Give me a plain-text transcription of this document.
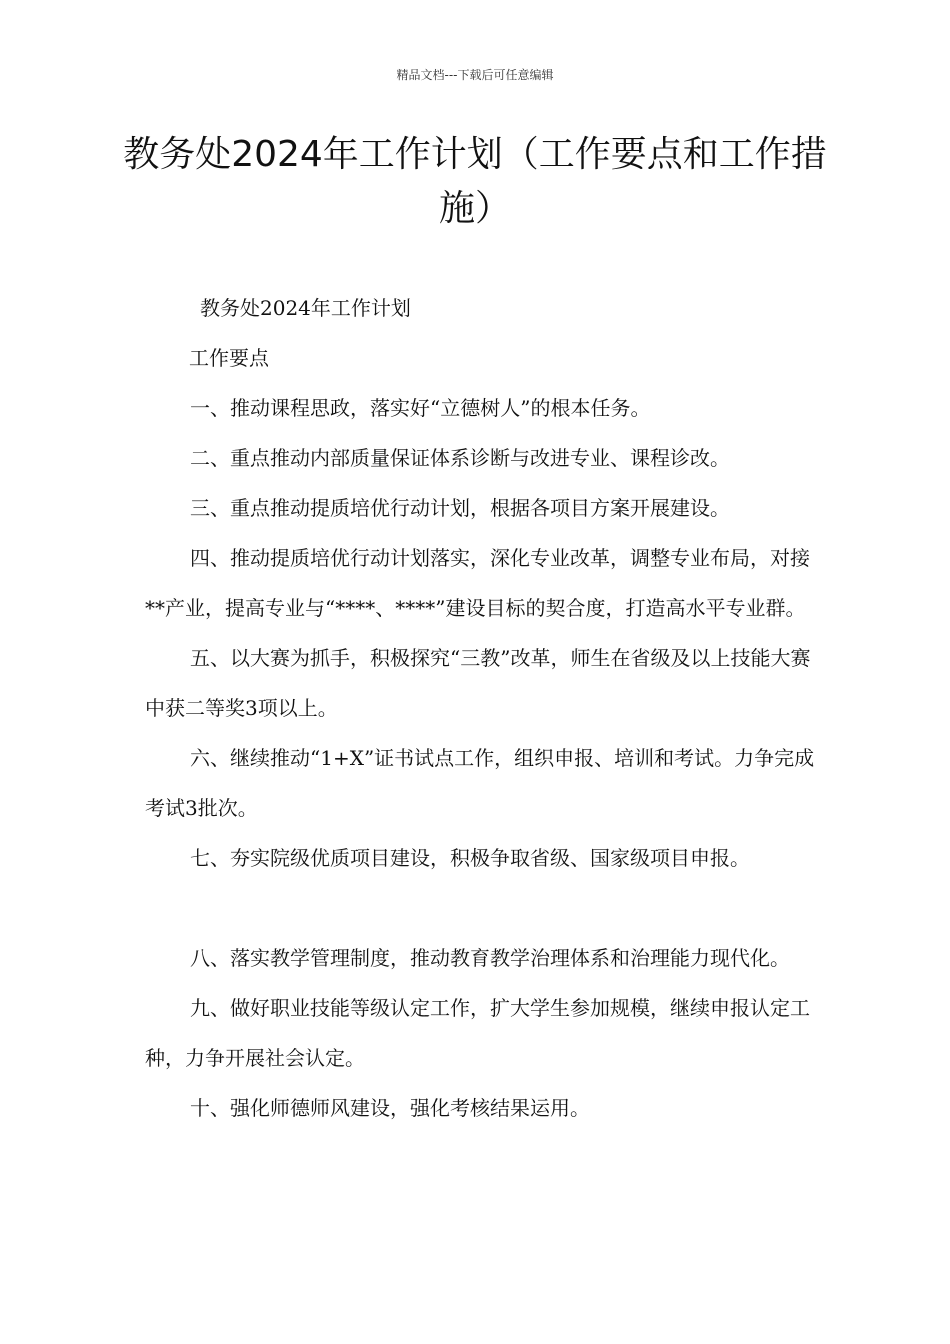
精品文档---下载后可任意编辑
教务处2024年工作计划（工作要点和工作措施）

教务处2024年工作计划

工作要点

一、推动课程思政，落实好“立德树人”的根本任务。

二、重点推动内部质量保证体系诊断与改进专业、课程诊改。

三、重点推动提质培优行动计划，根据各项目方案开展建设。

四、推动提质培优行动计划落实，深化专业改革，调整专业布局，对接**产业，提高专业与“****、****”建设目标的契合度，打造高水平专业群。

五、以大赛为抓手，积极探究“三教”改革，师生在省级及以上技能大赛中获二等奖3项以上。

六、继续推动“1+X”证书试点工作，组织申报、培训和考试。力争完成考试3批次。

七、夯实院级优质项目建设，积极争取省级、国家级项目申报。

八、落实教学管理制度，推动教育教学治理体系和治理能力现代化。

九、做好职业技能等级认定工作，扩大学生参加规模，继续申报认定工种，力争开展社会认定。

十、强化师德师风建设，强化考核结果运用。
